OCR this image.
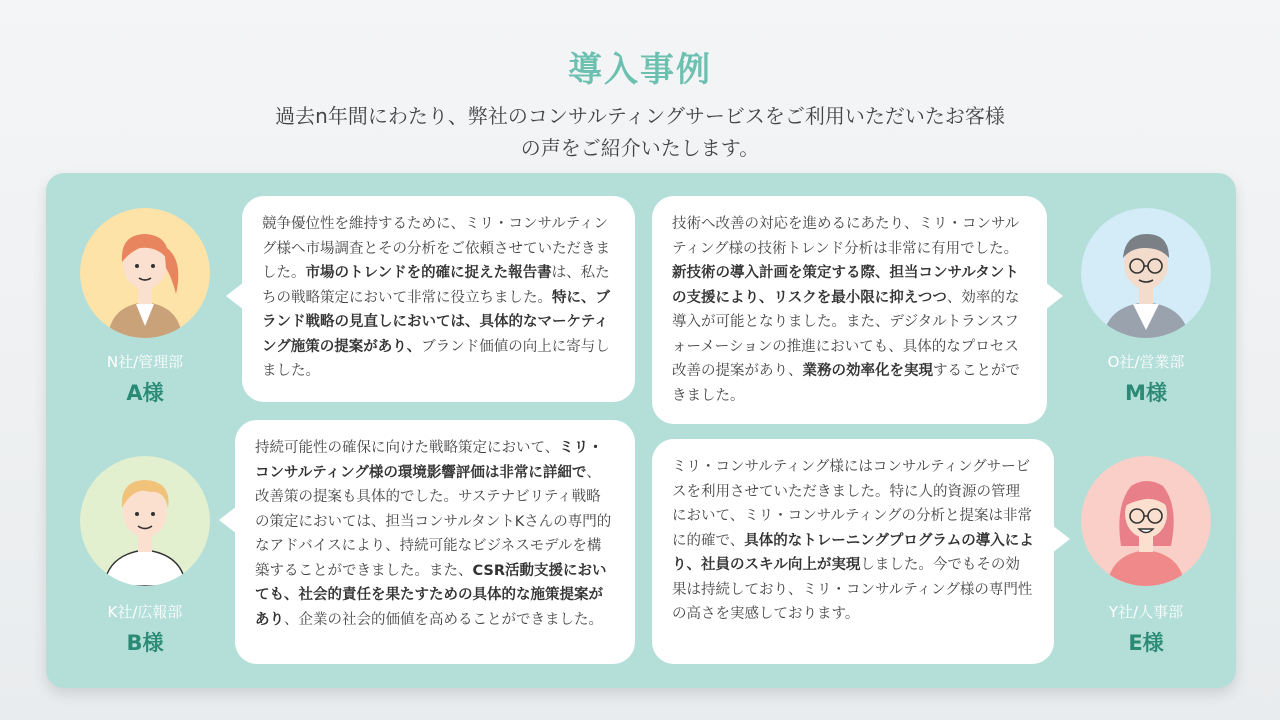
導入事例
過去n年間にわたり、弊社のコンサルティングサービスをご利用いただいたお客様
の声をご紹介いたします。
N社/管理部
A様
競争優位性を維持するために、ミリ・コンサルティング様へ市場調査とその分析をご依頼させていただきました。市場のトレンドを的確に捉えた報告書は、私たちの戦略策定において非常に役立ちました。特に、ブランド戦略の見直しにおいては、具体的なマーケティング施策の提案があり、ブランド価値の向上に寄与しました。
技術へ改善の対応を進めるにあたり、ミリ・コンサルティング様の技術トレンド分析は非常に有用でした。新技術の導入計画を策定する際、担当コンサルタントの支援により、リスクを最小限に抑えつつ、効率的な導入が可能となりました。また、デジタルトランスフォーメーションの推進においても、具体的なプロセス改善の提案があり、業務の効率化を実現することができました。
O社/営業部
M様
K社/広報部
B様
持続可能性の確保に向けた戦略策定において、ミリ・コンサルティング様の環境影響評価は非常に詳細で、改善策の提案も具体的でした。サステナビリティ戦略の策定においては、担当コンサルタントKさんの専門的なアドバイスにより、持続可能なビジネスモデルを構築することができました。また、CSR活動支援においても、社会的責任を果たすための具体的な施策提案があり、企業の社会的価値を高めることができました。
ミリ・コンサルティング様にはコンサルティングサービスを利用させていただきました。特に人的資源の管理において、ミリ・コンサルティングの分析と提案は非常に的確で、具体的なトレーニングプログラムの導入により、社員のスキル向上が実現しました。今でもその効果は持続しており、ミリ・コンサルティング様の専門性の高さを実感しております。	Y社/人事部
E様
